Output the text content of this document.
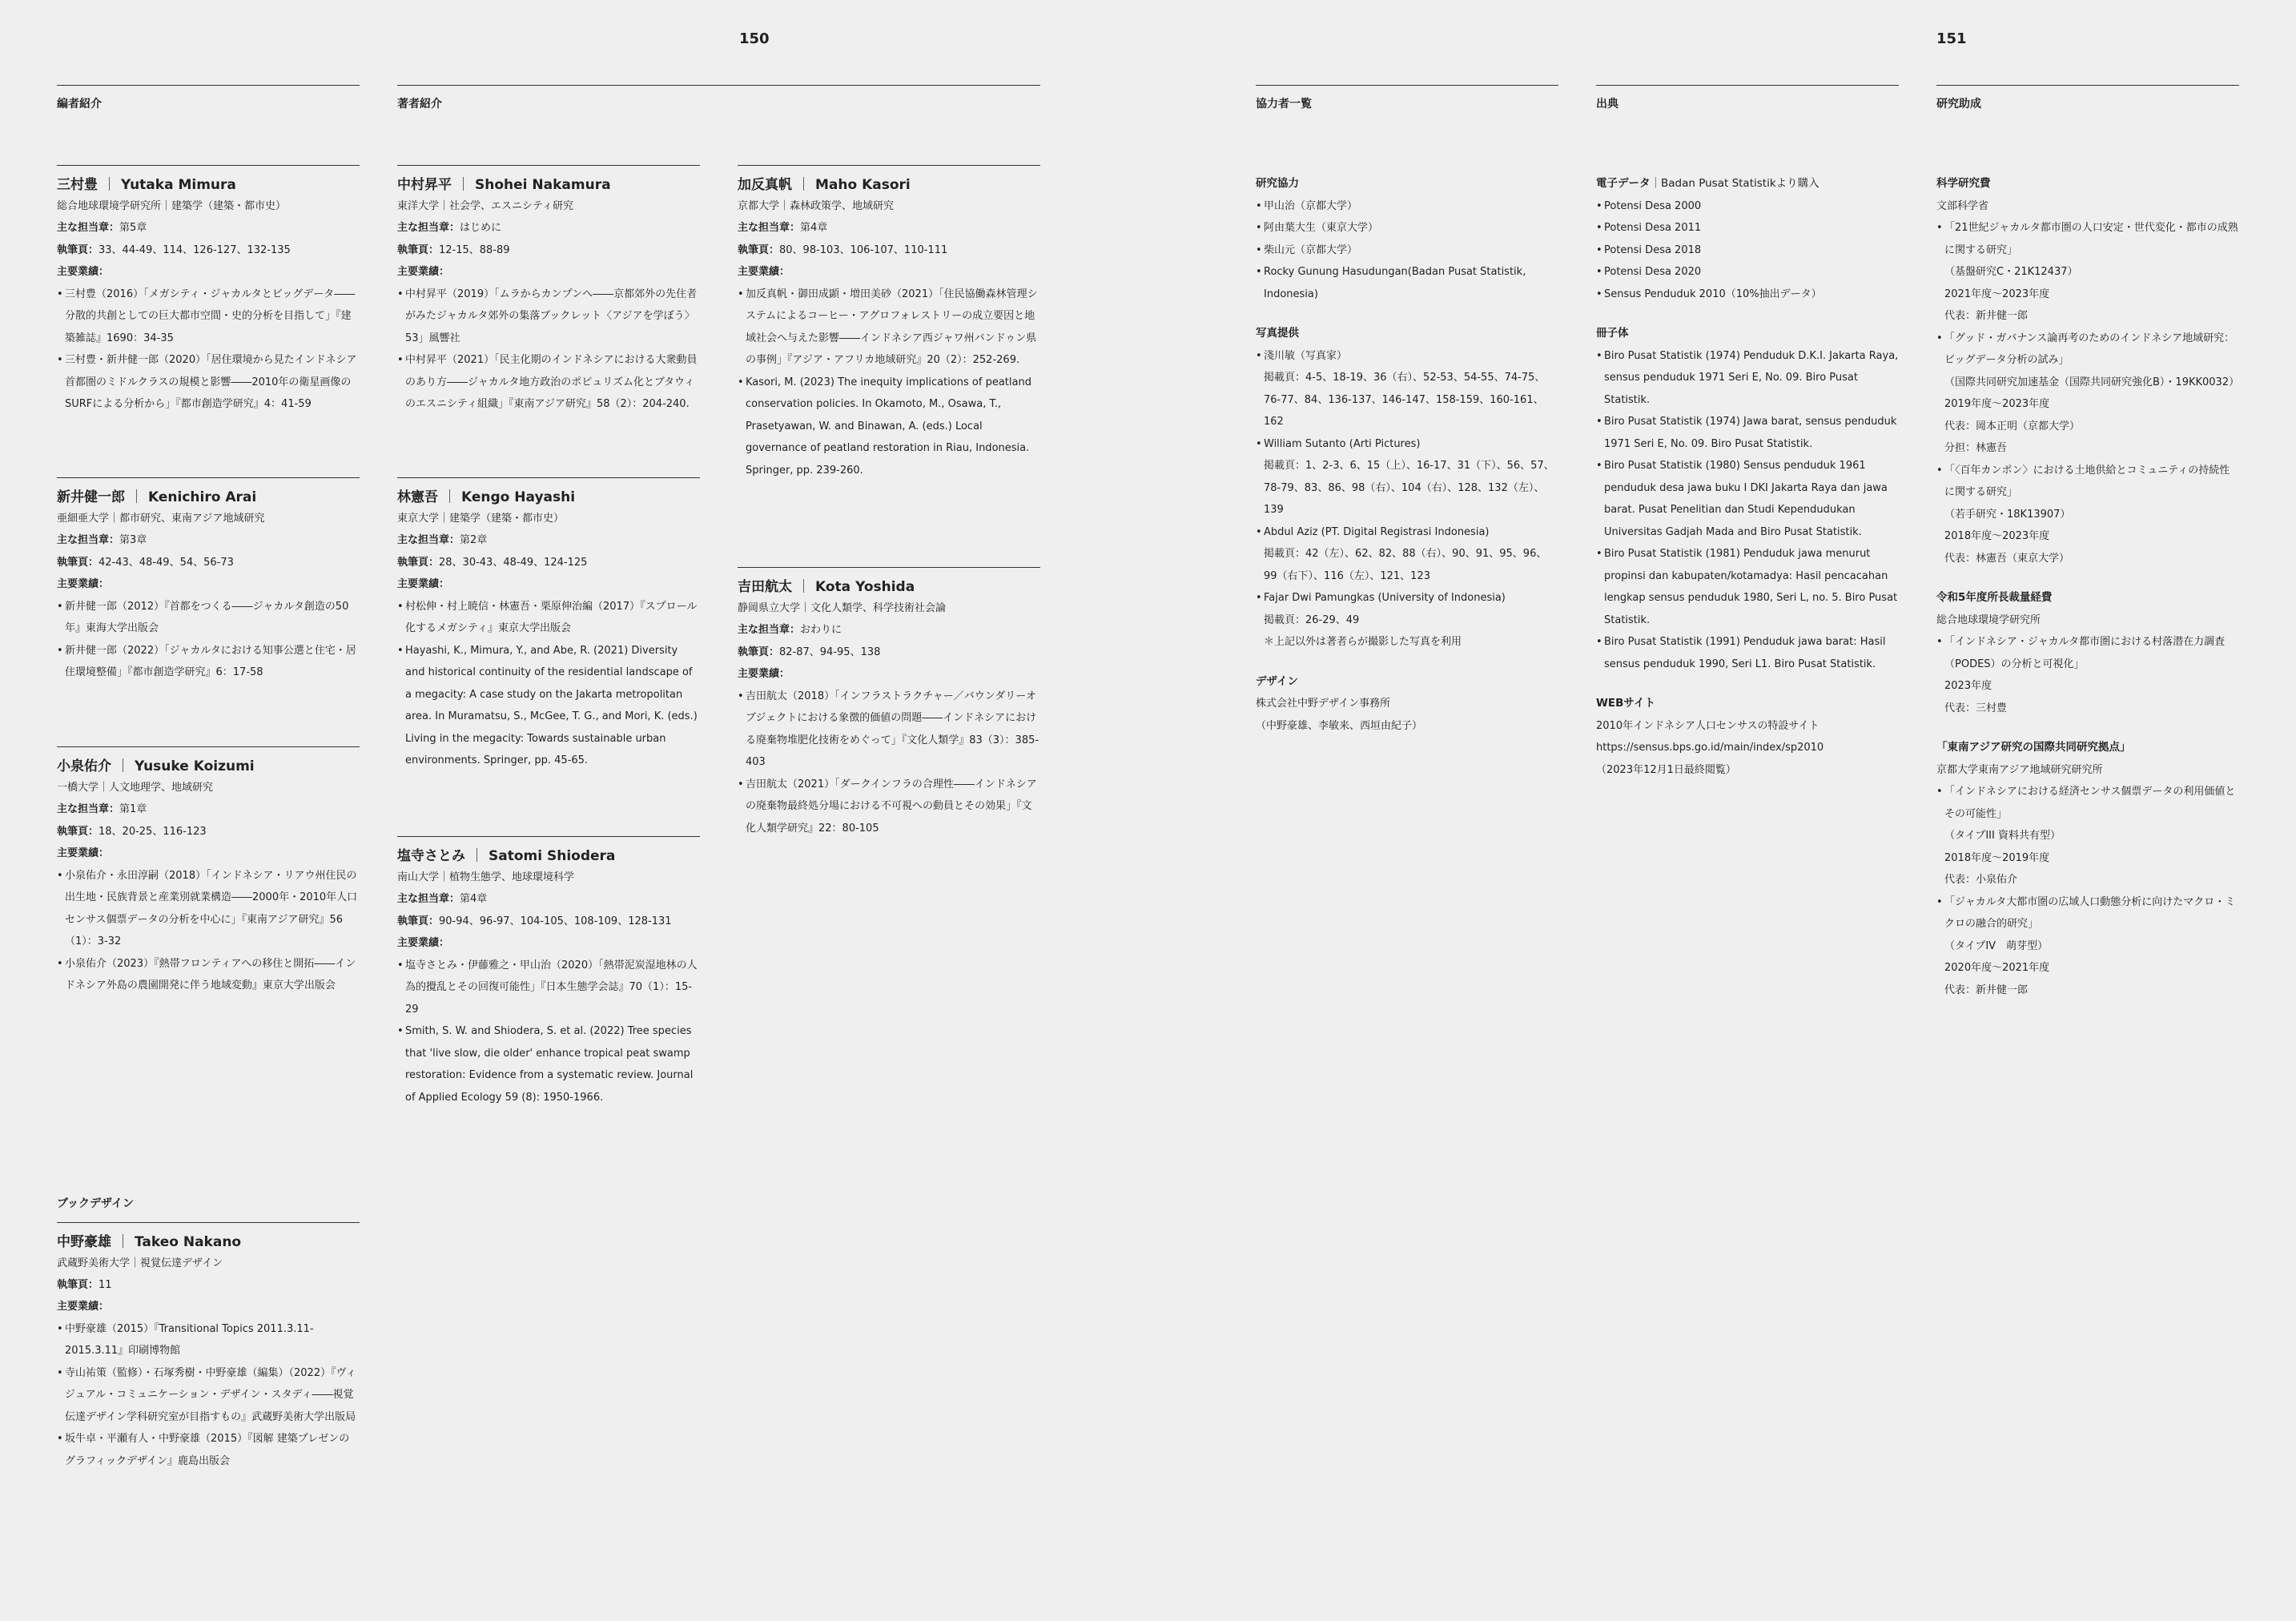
150	151
編者紹介	著者紹介	協力者一覧	出典	研究助成
三村豊 ｜ Yutaka Mimura
総合地球環境学研究所｜建築学（建築・都市史）
主な担当章：第5章
執筆頁：33、44-49、114、126-127、132-135
主要業績：
• 三村豊（2016）「メガシティ・ジャカルタとビッグデータ――分散的共創としての巨大都市空間・史的分析を目指して」『建築雑誌』1690：34-35
• 三村豊・新井健一郎（2020）「居住環境から見たインドネシア首都圏のミドルクラスの規模と影響――2010年の衛星画像のSURFによる分析から」『都市創造学研究』4：41-59
新井健一郎 ｜ Kenichiro Arai
亜細亜大学｜都市研究、東南アジア地域研究
主な担当章：第3章
執筆頁：42-43、48-49、54、56-73
主要業績：
• 新井健一郎（2012）『首都をつくる――ジャカルタ創造の50年』東海大学出版会
• 新井健一郎（2022）「ジャカルタにおける知事公選と住宅・居住環境整備」『都市創造学研究』6：17-58
小泉佑介 ｜ Yusuke Koizumi
一橋大学｜人文地理学、地域研究
主な担当章：第1章
執筆頁：18、20-25、116-123
主要業績：
• 小泉佑介・永田淳嗣（2018）「インドネシア・リアウ州住民の出生地・民族背景と産業別就業構造――2000年・2010年人口センサス個票データの分析を中心に」『東南アジア研究』56（1）：3-32
• 小泉佑介（2023）『熱帯フロンティアへの移住と開拓――インドネシア外島の農園開発に伴う地域変動』東京大学出版会
ブックデザイン
中野豪雄 ｜ Takeo Nakano
武蔵野美術大学｜視覚伝達デザイン
執筆頁：11
主要業績：
• 中野豪雄（2015）『Transitional Topics 2011.3.11-2015.3.11』印刷博物館
• 寺山祐策（監修）・石塚秀樹・中野豪雄（編集）（2022）『ヴィジュアル・コミュニケーション・デザイン・スタディ――視覚伝達デザイン学科研究室が目指すもの』武蔵野美術大学出版局
• 坂牛卓・平瀬有人・中野豪雄（2015）『図解 建築プレゼンのグラフィックデザイン』鹿島出版会
中村昇平 ｜ Shohei Nakamura
東洋大学｜社会学、エスニシティ研究
主な担当章：はじめに
執筆頁：12-15、88-89
主要業績：
• 中村昇平（2019）「ムラからカンプンへ――京都郊外の先住者がみたジャカルタ郊外の集落ブックレット〈アジアを学ぼう〉53」風響社
• 中村昇平（2021）「民主化期のインドネシアにおける大衆動員のあり方――ジャカルタ地方政治のポピュリズム化とブタウィのエスニシティ組織」『東南アジア研究』58（2）：204-240.
林憲吾 ｜ Kengo Hayashi
東京大学｜建築学（建築・都市史）
主な担当章：第2章
執筆頁：28、30-43、48-49、124-125
主要業績：
• 村松伸・村上暁信・林憲吾・栗原伸治編（2017）『スプロール化するメガシティ』東京大学出版会
• Hayashi, K., Mimura, Y., and Abe, R. (2021) Diversity and historical continuity of the residential landscape of a megacity: A case study on the Jakarta metropolitan area. In Muramatsu, S., McGee, T. G., and Mori, K. (eds.) Living in the megacity: Towards sustainable urban environments. Springer, pp. 45-65.
塩寺さとみ ｜ Satomi Shiodera
南山大学｜植物生態学、地球環境科学
主な担当章：第4章
執筆頁：90-94、96-97、104-105、108-109、128-131
主要業績：
• 塩寺さとみ・伊藤雅之・甲山治（2020）「熱帯泥炭湿地林の人為的攪乱とその回復可能性」『日本生態学会誌』70（1）：15-29
• Smith, S. W. and Shiodera, S. et al. (2022) Tree species that 'live slow, die older' enhance tropical peat swamp restoration: Evidence from a systematic review. Journal of Applied Ecology 59 (8): 1950-1966.
加反真帆 ｜ Maho Kasori
京都大学｜森林政策学、地域研究
主な担当章：第4章
執筆頁：80、98-103、106-107、110-111
主要業績：
• 加反真帆・御田成顕・増田美砂（2021）「住民協働森林管理システムによるコーヒー・アグロフォレストリーの成立要因と地域社会へ与えた影響――インドネシア西ジャワ州バンドゥン県の事例」『アジア・アフリカ地域研究』20（2）：252-269.
• Kasori, M. (2023) The inequity implications of peatland conservation policies. In Okamoto, M., Osawa, T., Prasetyawan, W. and Binawan, A. (eds.) Local governance of peatland restoration in Riau, Indonesia. Springer, pp. 239-260.
吉田航太 ｜ Kota Yoshida
静岡県立大学｜文化人類学、科学技術社会論
主な担当章：おわりに
執筆頁：82-87、94-95、138
主要業績：
• 吉田航太（2018）「インフラストラクチャー／バウンダリーオブジェクトにおける象徴的価値の問題――インドネシアにおける廃棄物堆肥化技術をめぐって」『文化人類学』83（3）：385-403
• 吉田航太（2021）「ダークインフラの合理性――インドネシアの廃棄物最終処分場における不可視への動員とその効果」『文化人類学研究』22：80-105
研究協力
• 甲山治（京都大学）
• 阿由葉大生（東京大学）
• 柴山元（京都大学）
• Rocky Gunung Hasudungan(Badan Pusat Statistik, Indonesia)
写真提供
• 淺川敏（写真家）
掲載頁：4-5、18-19、36（右）、52-53、54-55、74-75、76-77、84、136-137、146-147、158-159、160-161、162
• William Sutanto (Arti Pictures)
掲載頁：1、2-3、6、15（上）、16-17、31（下）、56、57、78-79、83、86、98（右）、104（右）、128、132（左）、139
• Abdul Aziz (PT. Digital Registrasi Indonesia)
掲載頁：42（左）、62、82、88（右）、90、91、95、96、99（右下）、116（左）、121、123
• Fajar Dwi Pamungkas (University of Indonesia)
掲載頁：26-29、49
＊上記以外は著者らが撮影した写真を利用
デザイン
株式会社中野デザイン事務所
（中野豪雄、李敏来、西垣由紀子）
電子データ｜Badan Pusat Statistikより購入
• Potensi Desa 2000
• Potensi Desa 2011
• Potensi Desa 2018
• Potensi Desa 2020
• Sensus Penduduk 2010（10%抽出データ）
冊子体
• Biro Pusat Statistik (1974) Penduduk D.K.I. Jakarta Raya, sensus penduduk 1971 Seri E, No. 09. Biro Pusat Statistik.
• Biro Pusat Statistik (1974) Jawa barat, sensus penduduk 1971 Seri E, No. 09. Biro Pusat Statistik.
• Biro Pusat Statistik (1980) Sensus penduduk 1961 penduduk desa jawa buku I DKI Jakarta Raya dan jawa barat. Pusat Penelitian dan Studi Kependudukan Universitas Gadjah Mada and Biro Pusat Statistik.
• Biro Pusat Statistik (1981) Penduduk jawa menurut propinsi dan kabupaten/kotamadya: Hasil pencacahan lengkap sensus penduduk 1980, Seri L, no. 5. Biro Pusat Statistik.
• Biro Pusat Statistik (1991) Penduduk jawa barat: Hasil sensus penduduk 1990, Seri L1. Biro Pusat Statistik.
WEBサイト
2010年インドネシア人口センサスの特設サイト
https://sensus.bps.go.id/main/index/sp2010
（2023年12月1日最終閲覧）
科学研究費
文部科学省
• 「21世紀ジャカルタ都市圏の人口安定・世代変化・都市の成熟に関する研究」
（基盤研究C・21K12437）
2021年度〜2023年度
代表：新井健一郎
• 「グッド・ガバナンス論再考のためのインドネシア地域研究：ビッグデータ分析の試み」
（国際共同研究加速基金（国際共同研究強化B）・19KK0032）
2019年度〜2023年度
代表：岡本正明（京都大学）
分担：林憲吾
• 「〈百年カンポン〉における土地供給とコミュニティの持続性に関する研究」
（若手研究・18K13907）
2018年度〜2023年度
代表：林憲吾（東京大学）
令和5年度所長裁量経費
総合地球環境学研究所
• 「インドネシア・ジャカルタ都市圏における村落潜在力調査（PODES）の分析と可視化」
2023年度
代表：三村豊
「東南アジア研究の国際共同研究拠点」
京都大学東南アジア地域研究研究所
• 「インドネシアにおける経済センサス個票データの利用価値とその可能性」
（タイプIII 資料共有型）
2018年度〜2019年度
代表：小泉佑介
• 「ジャカルタ大都市圏の広域人口動態分析に向けたマクロ・ミクロの融合的研究」
（タイプIV　萌芽型）
2020年度〜2021年度
代表：新井健一郎
